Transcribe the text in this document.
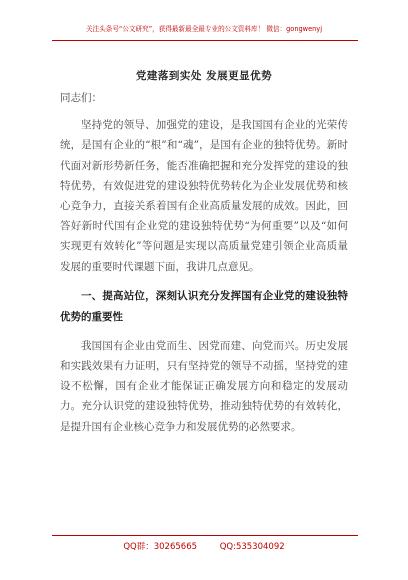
关注头条号“公文研究”，获得最新最全最专业的公文资料库！ 微信：gongwenyj
党建落到实处 发展更显优势

同志们：

坚持党的领导、加强党的建设，是我国国有企业的光荣传统，是国有企业的“根”和“魂”，是国有企业的独特优势。新时代面对新形势新任务，能否准确把握和充分发挥党的建设的独特优势，有效促进党的建设独特优势转化为企业发展优势和核心竞争力，直接关系着国有企业高质量发展的成效。因此，回答好新时代国有企业党的建设独特优势“为何重要”以及“如何实现更有效转化”等问题是实现以高质量党建引领企业高质量发展的重要时代课题下面，我讲几点意见。

一、提高站位，深刻认识充分发挥国有企业党的建设独特优势的重要性

我国国有企业由党而生、因党而建、向党而兴。历史发展和实践效果有力证明，只有坚持党的领导不动摇，坚持党的建设不松懈，国有企业才能保证正确发展方向和稳定的发展动力。充分认识党的建设独特优势，推动独特优势的有效转化，是提升国有企业核心竞争力和发展优势的必然要求。

QQ群：30265665	QQ:535304092
